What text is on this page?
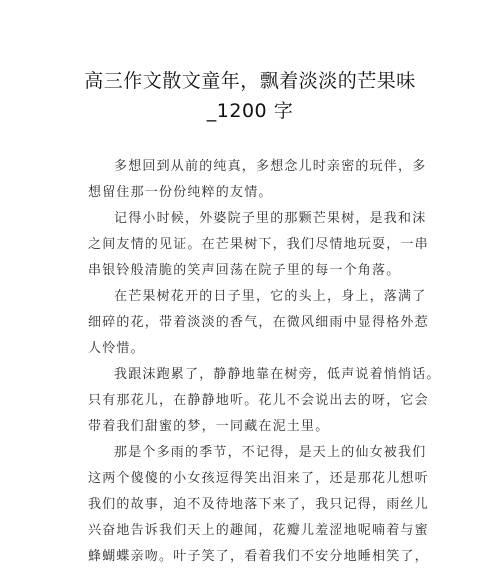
高三作文散文童年，飘着淡淡的芒果味
_1200 字
多想回到从前的纯真，多想念儿时亲密的玩伴，多
想留住那一份份纯粹的友情。
记得小时候，外婆院子里的那颗芒果树，是我和沫
之间友情的见证。在芒果树下，我们尽情地玩耍，一串
串银铃般清脆的笑声回荡在院子里的每一个角落。
在芒果树花开的日子里，它的头上，身上，落满了
细碎的花，带着淡淡的香气，在微风细雨中显得格外惹
人怜惜。
我跟沫跑累了，静静地靠在树旁，低声说着悄悄话。
只有那花儿，在静静地听。花儿不会说出去的呀，它会
带着我们甜蜜的梦，一同藏在泥土里。
那是个多雨的季节，不记得，是天上的仙女被我们
这两个傻傻的小女孩逗得笑出泪来了，还是那花儿想听
我们的故事，迫不及待地落下来了，我只记得，雨丝儿
兴奋地告诉我们天上的趣闻，花瓣儿羞涩地呢喃着与蜜
蜂蝴蝶亲吻。叶子笑了，看着我们不安分地睡相笑了，
